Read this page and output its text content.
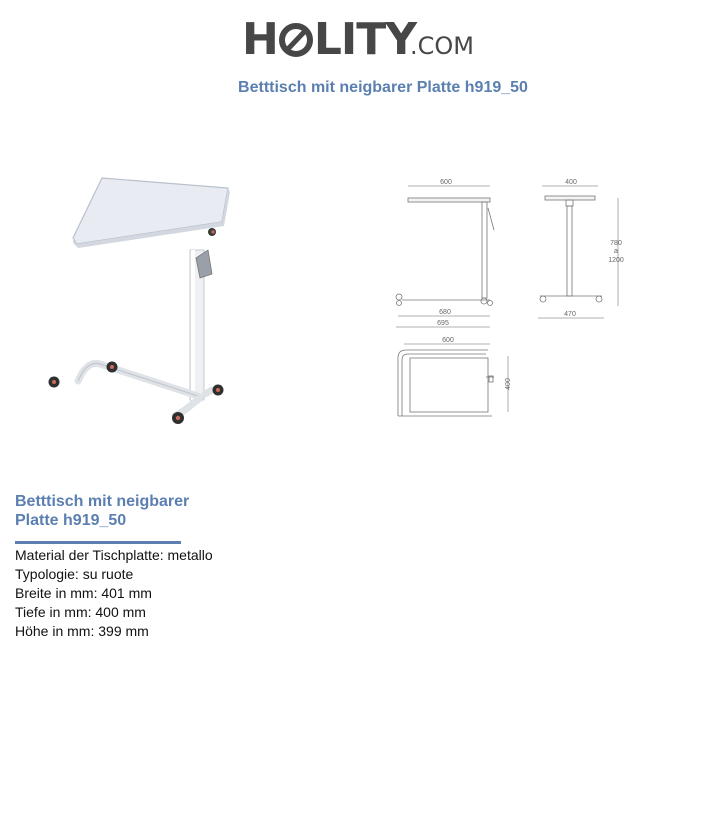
H LITY
.COM
Betttisch mit neigbarer Platte h919_50
600
680
695
400
780
a
1200
470
600
400
Betttisch mit neigbarer
Platte h919_50
Material der Tischplatte: metallo
Typologie: su ruote
Breite in mm: 401 mm
Tiefe in mm: 400 mm
Höhe in mm: 399 mm
